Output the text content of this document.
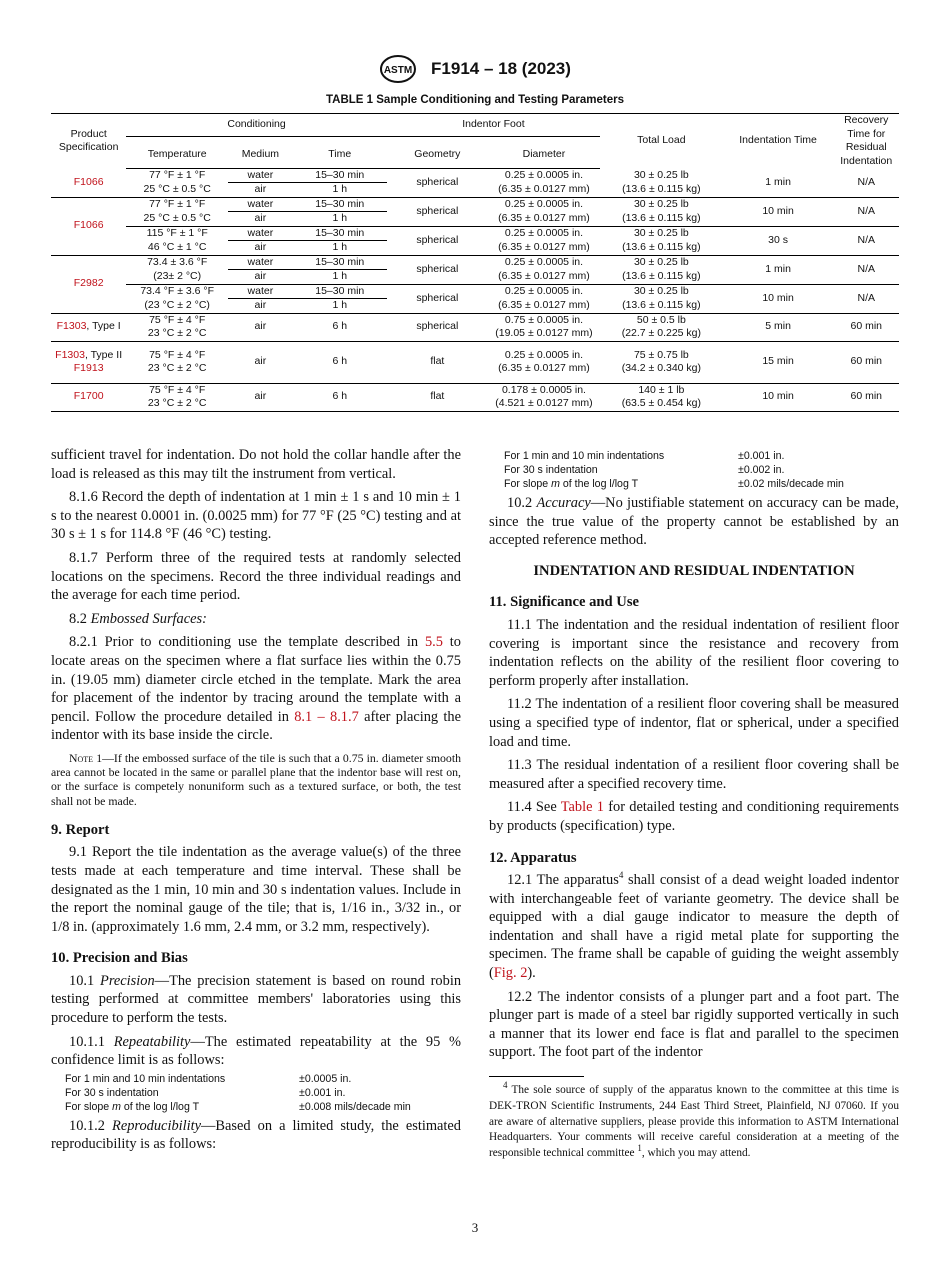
ASTM F1914 – 18 (2023)
TABLE 1 Sample Conditioning and Testing Parameters
Product Specification	Conditioning			Indentor Foot		Total Load	Indentation Time	Recovery Time for Residual Indentation
	Temperature	Medium	Time	Geometry	Diameter			
F1066	77 °F ± 1 °F	water	15–30 min	spherical	0.25 ± 0.0005 in.	30 ± 0.25 lb	1 min	N/A
	25 °C ± 0.5 °C	air	1 h		(6.35 ± 0.0127 mm)	(13.6 ± 0.115 kg)		
F1066	77 °F ± 1 °F	water	15–30 min	spherical	0.25 ± 0.0005 in.	30 ± 0.25 lb	10 min	N/A
	25 °C ± 0.5 °C	air	1 h		(6.35 ± 0.0127 mm)	(13.6 ± 0.115 kg)		
	115 °F ± 1 °F	water	15–30 min	spherical	0.25 ± 0.0005 in.	30 ± 0.25 lb	30 s	N/A
	46 °C ± 1 °C	air	1 h		(6.35 ± 0.0127 mm)	(13.6 ± 0.115 kg)		
F2982	73.4 ± 3.6 °F	water	15–30 min	spherical	0.25 ± 0.0005 in.	30 ± 0.25 lb	1 min	N/A
	(23± 2 °C)	air	1 h		(6.35 ± 0.0127 mm)	(13.6 ± 0.115 kg)		
	73.4 °F ± 3.6 °F	water	15–30 min	spherical	0.25 ± 0.0005 in.	30 ± 0.25 lb	10 min	N/A
	(23 °C ± 2 °C)	air	1 h		(6.35 ± 0.0127 mm)	(13.6 ± 0.115 kg)		
F1303, Type I	75 °F ± 4 °F	air	6 h	spherical	0.75 ± 0.0005 in.	50 ± 0.5 lb	5 min	60 min
	23 °C ± 2 °C				(19.05 ± 0.0127 mm)	(22.7 ± 0.225 kg)		
F1303, Type II
F1913	75 °F ± 4 °F	air	6 h	flat	0.25 ± 0.0005 in.	75 ± 0.75 lb	15 min	60 min
	23 °C ± 2 °C				(6.35 ± 0.0127 mm)	(34.2 ± 0.340 kg)		
F1700	75 °F ± 4 °F	air	6 h	flat	0.178 ± 0.0005 in.	140 ± 1 lb	10 min	60 min
	23 °C ± 2 °C				(4.521 ± 0.0127 mm)	(63.5 ± 0.454 kg)		

sufficient travel for indentation. Do not hold the collar handle after the load is released as this may tilt the instrument from vertical.

8.1.6 Record the depth of indentation at 1 min ± 1 s and 10 min ± 1 s to the nearest 0.0001 in. (0.0025 mm) for 77 °F (25 °C) testing and at 30 s ± 1 s for 114.8 °F (46 °C) testing.

8.1.7 Perform three of the required tests at randomly selected locations on the specimens. Record the three individual readings and the average for each time period.

8.2 Embossed Surfaces:

8.2.1 Prior to conditioning use the template described in 5.5 to locate areas on the specimen where a flat surface lies within the 0.75 in. (19.05 mm) diameter circle etched in the template. Mark the area for placement of the indentor by tracing around the template with a pencil. Follow the procedure detailed in 8.1 – 8.1.7 after placing the indentor with its base inside the circle.

Note 1—If the embossed surface of the tile is such that a 0.75 in. diameter smooth area cannot be located in the same or parallel plane that the indentor base will rest on, or the surface is competely nonuniform such as a textured surface, or both, the test shall not be made.
9. Report

9.1 Report the tile indentation as the average value(s) of the three tests made at each temperature and time interval. These shall be designated as the 1 min, 10 min and 30 s indentation values. Include in the report the nominal gauge of the tile; that is, 1/16 in., 3/32 in., or 1/8 in. (approximately 1.6 mm, 2.4 mm, or 3.2 mm, respectively).

10. Precision and Bias

10.1 Precision—The precision statement is based on round robin testing performed at committee members' laboratories using this procedure to perform the tests.

10.1.1 Repeatability—The estimated repeatability at the 95 % confidence limit is as follows:

For 1 min and 10 min indentations	±0.0005 in.
For 30 s indentation	±0.001 in.
For slope m of the log l/log T	±0.008 mils/decade min

10.1.2 Reproducibility—Based on a limited study, the estimated reproducibility is as follows:

For 1 min and 10 min indentations	±0.001 in.
For 30 s indentation	±0.002 in.
For slope m of the log l/log T	±0.02 mils/decade min

10.2 Accuracy—No justifiable statement on accuracy can be made, since the true value of the property cannot be established by an accepted reference method.

INDENTATION AND RESIDUAL INDENTATION
11. Significance and Use

11.1 The indentation and the residual indentation of resilient floor covering is important since the resistance and recovery from indentation reflects on the ability of the resilient floor covering to perform properly after installation.

11.2 The indentation of a resilient floor covering shall be measured using a specified type of indentor, flat or spherical, under a specified load and time.

11.3 The residual indentation of a resilient floor covering shall be measured after a specified recovery time.

11.4 See Table 1 for detailed testing and conditioning requirements by products (specification) type.

12. Apparatus

12.1 The apparatus$^4$ shall consist of a dead weight loaded indentor with interchangeable feet of variante geometry. The device shall be equipped with a dial gauge indicator to measure the depth of indentation and shall have a rigid metal plate for supporting the specimen. The frame shall be capable of guiding the weight assembly (Fig. 2).

12.2 The indentor consists of a plunger part and a foot part. The plunger part is made of a steel bar rigidly supported vertically in such a manner that its lower end face is flat and parallel to the specimen support. The foot part of the indentor

$^4$ The sole source of supply of the apparatus known to the committee at this time is DEK-TRON Scientific Instruments, 244 East Third Street, Plainfield, NJ 07060. If you are aware of alternative suppliers, please provide this information to ASTM International Headquarters. Your comments will receive careful consideration at a meeting of the responsible technical committee $^1$, which you may attend.
3
